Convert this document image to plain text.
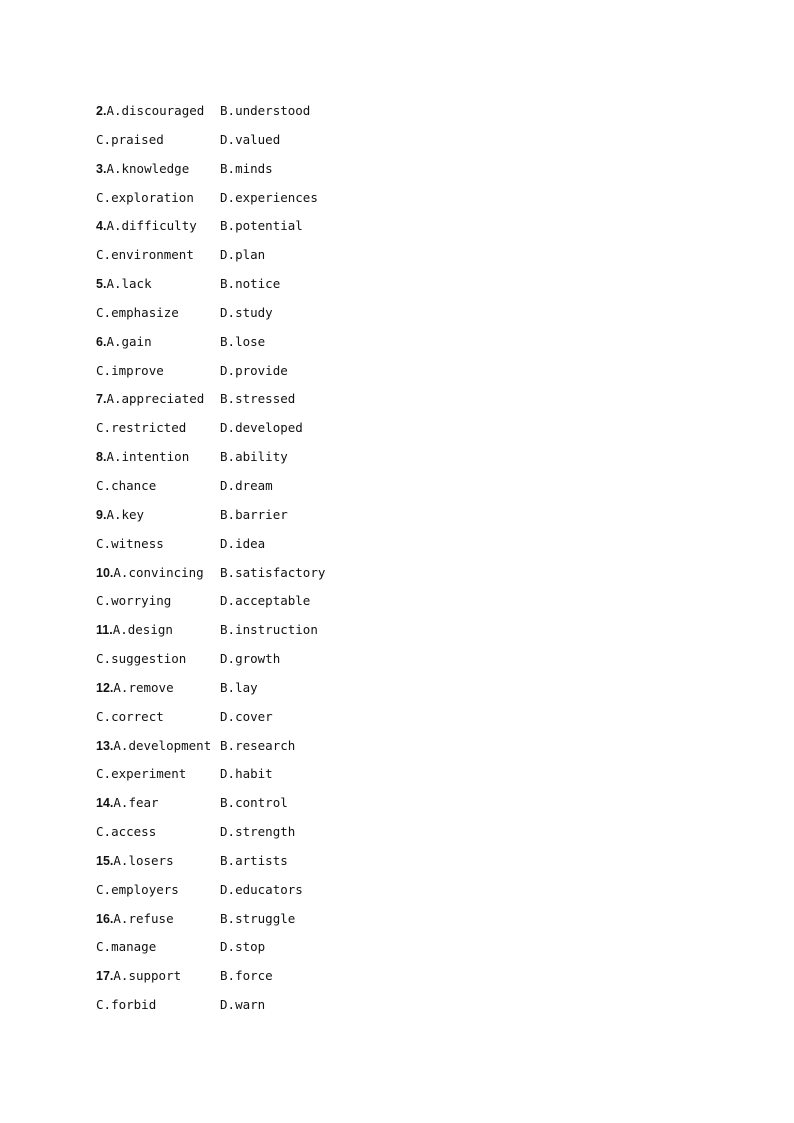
2.A.discouraged B.understood
C.praised	D.valued
3.A.knowledge B.minds
C.exploration D.experiences
4.A.difficulty B.potential
C.environment D.plan
5.A.lack	B.notice
C.emphasize	D.study
6.A.gain	B.lose
C.improve	D.provide
7.A.appreciated B.stressed
C.restricted	D.developed
8.A.intention B.ability
C.chance	D.dream
9.A.key	B.barrier
C.witness	D.idea
10.A.convincing B.satisfactory
C.worrying	D.acceptable
11.A.design	B.instruction
C.suggestion	D.growth
12.A.remove	B.lay
C.correct	D.cover
13.A.development B.research
C.experiment	D.habit
14.A.fear	B.control
C.access	D.strength
15.A.losers	B.artists
C.employers	D.educators
16.A.refuse	B.struggle
C.manage	D.stop
17.A.support	B.force
C.forbid	D.warn
